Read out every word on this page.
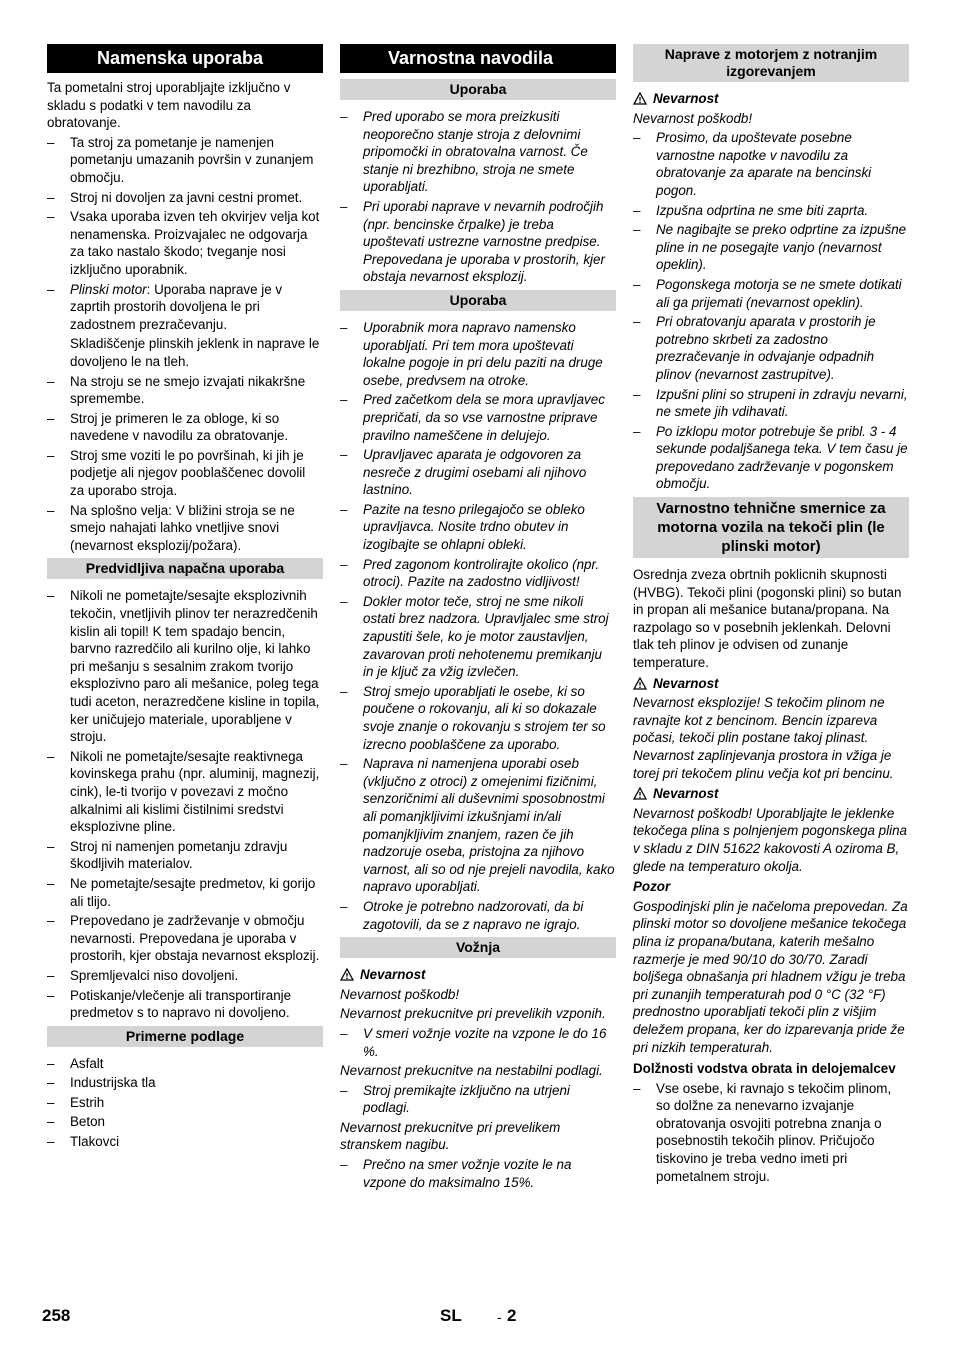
Namenska uporaba
Ta pometalni stroj uporabljajte izključno v skladu s podatki v tem navodilu za obratovanje.
– Ta stroj za pometanje je namenjen pometanju umazanih površin v zunanjem območju.
– Stroj ni dovoljen za javni cestni promet.
– Vsaka uporaba izven teh okvirjev velja kot nenamenska. Proizvajalec ne odgovarja za tako nastalo škodo; tveganje nosi izključno uporabnik.
– Plinski motor: Uporaba naprave je v zaprtih prostorih dovoljena le pri zadostnem prezračevanju.
Skladiščenje plinskih jeklenk in naprave le dovoljeno le na tleh.
– Na stroju se ne smejo izvajati nikakršne spremembe.
– Stroj je primeren le za obloge, ki so navedene v navodilu za obratovanje.
– Stroj sme voziti le po površinah, ki jih je podjetje ali njegov pooblaščenec dovolil za uporabo stroja.
– Na splošno velja: V bližini stroja se ne smejo nahajati lahko vnetljive snovi (nevarnost eksplozij/požara).
Predvidljiva napačna uporaba
– Nikoli ne pometajte/sesajte eksplozivnih tekočin, vnetljivih plinov ter nerazredčenih kislin ali topil! K tem spadajo bencin, barvno razredčilo ali kurilno olje, ki lahko pri mešanju s sesalnim zrakom tvorijo eksplozivno paro ali mešanice, poleg tega tudi aceton, nerazredčene kisline in topila, ker uničujejo materiale, uporabljene v stroju.
– Nikoli ne pometajte/sesajte reaktivnega kovinskega prahu (npr. aluminij, magnezij, cink), le-ti tvorijo v povezavi z močno alkalnimi ali kislimi čistilnimi sredstvi eksplozivne pline.
– Stroj ni namenjen pometanju zdravju škodljivih materialov.
– Ne pometajte/sesajte predmetov, ki gorijo ali tlijo.
– Prepovedano je zadrževanje v območju nevarnosti. Prepovedana je uporaba v prostorih, kjer obstaja nevarnost eksplozij.
– Spremljevalci niso dovoljeni.
– Potiskanje/vlečenje ali transportiranje predmetov s to napravo ni dovoljeno.
Primerne podlage
– Asfalt
– Industrijska tla
– Estrih
– Beton
– Tlakovci
Varnostna navodila
Uporaba
– Pred uporabo se mora preizkusiti neoporečno stanje stroja z delovnimi pripomočki in obratovalna varnost. Če stanje ni brezhibno, stroja ne smete uporabljati.
– Pri uporabi naprave v nevarnih področjih (npr. bencinske črpalke) je treba upoštevati ustrezne varnostne predpise. Prepovedana je uporaba v prostorih, kjer obstaja nevarnost eksplozij.
Uporaba
– Uporabnik mora napravo namensko uporabljati. Pri tem mora upoštevati lokalne pogoje in pri delu paziti na druge osebe, predvsem na otroke.
– Pred začetkom dela se mora upravljavec prepričati, da so vse varnostne priprave pravilno nameščene in delujejo.
– Upravljavec aparata je odgovoren za nesreče z drugimi osebami ali njihovo lastnino.
– Pazite na tesno prilegajočo se obleko upravljavca. Nosite trdno obutev in izogibajte se ohlapni obleki.
– Pred zagonom kontrolirajte okolico (npr. otroci). Pazite na zadostno vidljivost!
– Dokler motor teče, stroj ne sme nikoli ostati brez nadzora. Upravljalec sme stroj zapustiti šele, ko je motor zaustavljen, zavarovan proti nehotenemu premikanju in je ključ za vžig izvlečen.
– Stroj smejo uporabljati le osebe, ki so poučene o rokovanju, ali ki so dokazale svoje znanje o rokovanju s strojem ter so izrecno pooblaščene za uporabo.
– Naprava ni namenjena uporabi oseb (vključno z otroci) z omejenimi fizičnimi, senzoričnimi ali duševnimi sposobnostmi ali pomanjkljivimi izkušnjami in/ali pomanjkljivim znanjem, razen če jih nadzoruje oseba, pristojna za njihovo varnost, ali so od nje prejeli navodila, kako napravo uporabljati.
– Otroke je potrebno nadzorovati, da bi zagotovili, da se z napravo ne igrajo.
Vožnja
Nevarnost
Nevarnost poškodb!
Nevarnost prekucnitve pri prevelikih vzponih.
– V smeri vožnje vozite na vzpone le do 16 %.
Nevarnost prekucnitve na nestabilni podlagi.
– Stroj premikajte izključno na utrjeni podlagi.
Nevarnost prekucnitve pri prevelikem stranskem nagibu.
– Prečno na smer vožnje vozite le na vzpone do maksimalno 15%.
Naprave z motorjem z notranjim izgorevanjem
Nevarnost
Nevarnost poškodb!
– Prosimo, da upoštevate posebne varnostne napotke v navodilu za obratovanje za aparate na bencinski pogon.
– Izpušna odprtina ne sme biti zaprta.
– Ne nagibajte se preko odprtine za izpušne pline in ne posegajte vanjo (nevarnost opeklin).
– Pogonskega motorja se ne smete dotikati ali ga prijemati (nevarnost opeklin).
– Pri obratovanju aparata v prostorih je potrebno skrbeti za zadostno prezračevanje in odvajanje odpadnih plinov (nevarnost zastrupitve).
– Izpušni plini so strupeni in zdravju nevarni, ne smete jih vdihavati.
– Po izklopu motor potrebuje še pribl. 3 - 4 sekunde podaljšanega teka. V tem času je prepovedano zadrževanje v pogonskem območju.
Varnostno tehnične smernice za motorna vozila na tekoči plin (le plinski motor)
Osrednja zveza obrtnih poklicnih skupnosti (HVBG). Tekoči plini (pogonski plini) so butan in propan ali mešanice butana/propana. Na razpolago so v posebnih jeklenkah. Delovni tlak teh plinov je odvisen od zunanje temperature.
Nevarnost
Nevarnost eksplozije! S tekočim plinom ne ravnajte kot z bencinom. Bencin izpareva počasi, tekoči plin postane takoj plinast. Nevarnost zaplinjevanja prostora in vžiga je torej pri tekočem plinu večja kot pri bencinu.
Nevarnost
Nevarnost poškodb! Uporabljajte le jeklenke tekočega plina s polnjenjem pogonskega plina v skladu z DIN 51622 kakovosti A oziroma B, glede na temperaturo okolja.
Pozor
Gospodinjski plin je načeloma prepovedan. Za plinski motor so dovoljene mešanice tekočega plina iz propana/butana, katerih mešalno razmerje je med 90/10 do 30/70. Zaradi boljšega obnašanja pri hladnem vžigu je treba pri zunanjih temperaturah pod 0 °C (32 °F) prednostno uporabljati tekoči plin z višjim deležem propana, ker do izparevanja pride že pri nizkih temperaturah.
Dolžnosti vodstva obrata in delojemalcev
– Vse osebe, ki ravnajo s tekočim plinom, so dolžne za nenevarno izvajanje obratovanja osvojiti potrebna znanja o posebnostih tekočih plinov. Pričujočo tiskovino je treba vedno imeti pri pometalnem stroju.
258	SL	- 2
